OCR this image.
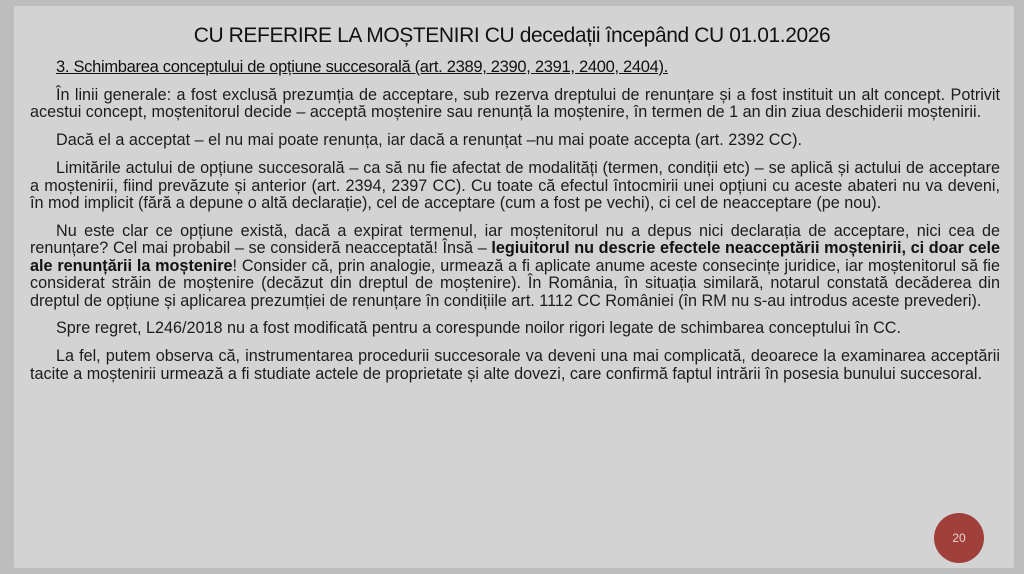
CU REFERIRE LA MOȘTENIRI CU decedații începând CU 01.01.2026
3. Schimbarea conceptului de opțiune succesorală (art. 2389, 2390, 2391, 2400, 2404).

În linii generale: a fost exclusă prezumția de acceptare, sub rezerva dreptului de renunțare și a fost instituit un alt concept. Potrivit acestui concept, moștenitorul decide – acceptă moștenire sau renunță la moștenire, în termen de 1 an din ziua deschiderii moștenirii.

Dacă el a acceptat – el nu mai poate renunța, iar dacă a renunțat –nu mai poate accepta (art. 2392 CC).

Limitările actului de opțiune succesorală – ca să nu fie afectat de modalități (termen, condiții etc) – se aplică și actului de acceptare a moștenirii, fiind prevăzute și anterior (art. 2394, 2397 CC). Cu toate că efectul întocmirii unei opțiuni cu aceste abateri nu va deveni, în mod implicit (fără a depune o altă declarație), cel de acceptare (cum a fost pe vechi), ci cel de neacceptare (pe nou).

Nu este clar ce opțiune există, dacă a expirat termenul, iar moștenitorul nu a depus nici declarația de acceptare, nici cea de renunțare? Cel mai probabil – se consideră neacceptată! Însă – legiuitorul nu descrie efectele neacceptării moștenirii, ci doar cele ale renunțării la moștenire! Consider că, prin analogie, urmează a fi aplicate anume aceste consecințe juridice, iar moștenitorul să fie considerat străin de moștenire (decăzut din dreptul de moștenire). În România, în situația similară, notarul constată decăderea din dreptul de opțiune și aplicarea prezumției de renunțare în condițiile art. 1112 CC României (în RM nu s-au introdus aceste prevederi).

Spre regret, L246/2018 nu a fost modificată pentru a corespunde noilor rigori legate de schimbarea conceptului în CC.

La fel, putem observa că, instrumentarea procedurii succesorale va deveni una mai complicată, deoarece la examinarea acceptării tacite a moștenirii urmează a fi studiate actele de proprietate și alte dovezi, care confirmă faptul intrării în posesia bunului succesoral.

20
